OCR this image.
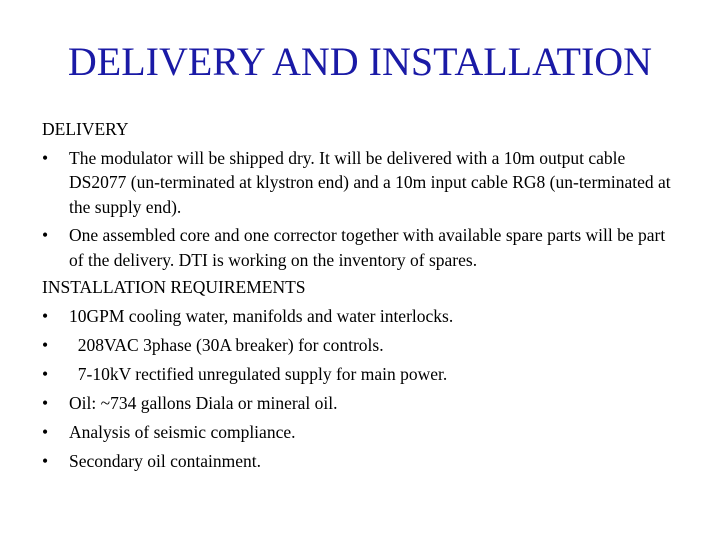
DELIVERY AND INSTALLATION
DELIVERY
• The modulator will be shipped dry. It will be delivered with a 10m output cable DS2077 (un-terminated at klystron end) and a 10m input cable RG8 (un-terminated at the supply end).
• One assembled core and one corrector together with available spare parts will be part of the delivery. DTI is working on the inventory of spares.
INSTALLATION REQUIREMENTS
• 10GPM cooling water, manifolds and water interlocks.
• 208VAC 3phase (30A breaker) for controls.
• 7-10kV rectified unregulated supply for main power.
• Oil: ~734 gallons Diala or mineral oil.
• Analysis of seismic compliance.
• Secondary oil containment.
